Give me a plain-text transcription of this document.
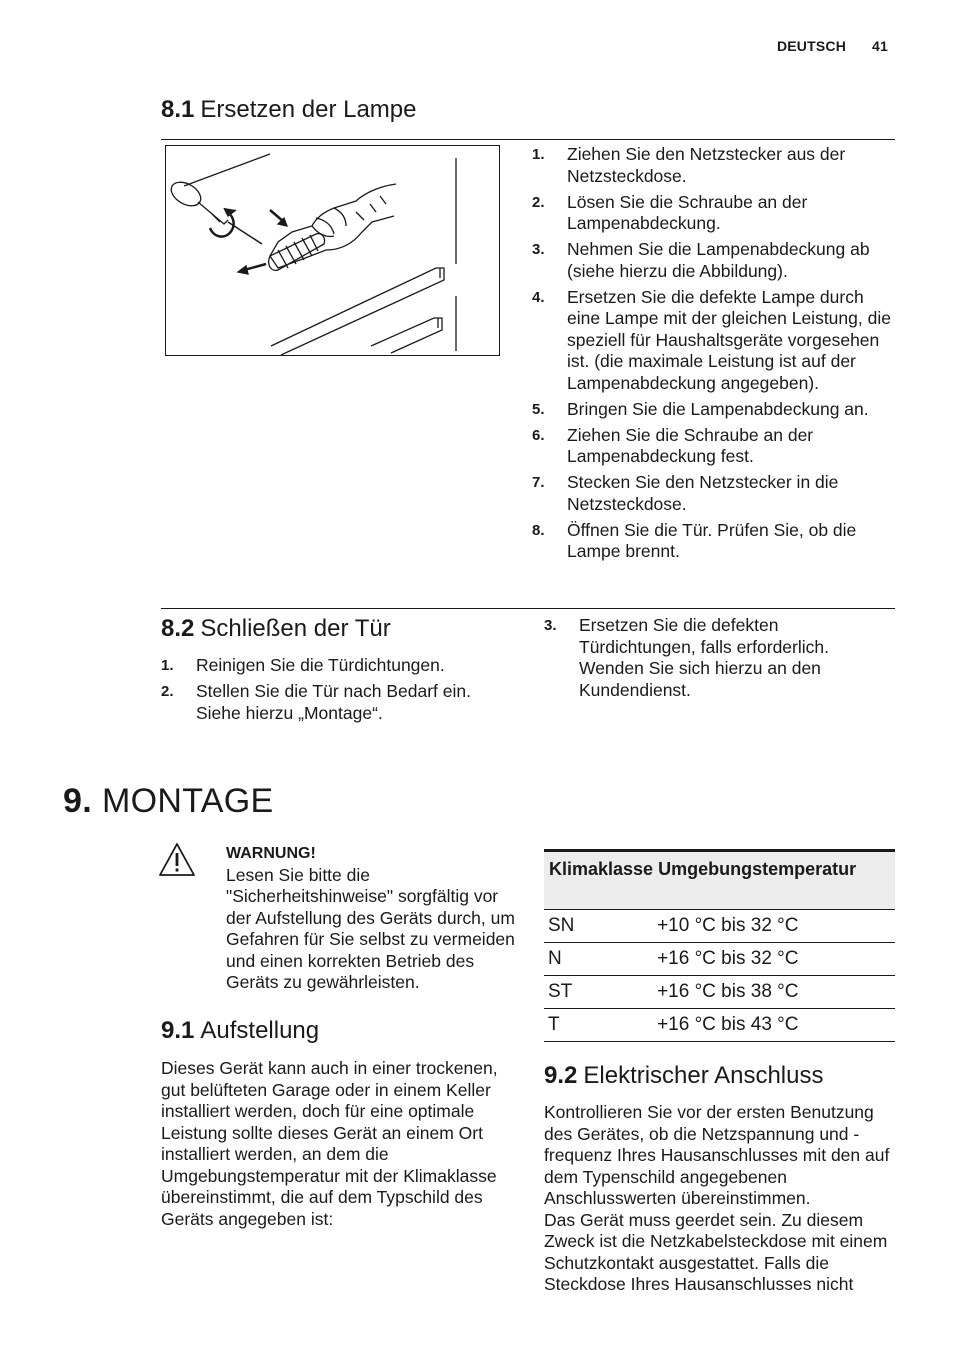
DEUTSCH 41
8.1 Ersetzen der Lampe
1. Ziehen Sie den Netzstecker aus der Netzsteckdose.
2. Lösen Sie die Schraube an der Lampenabdeckung.
3. Nehmen Sie die Lampenabdeckung ab (siehe hierzu die Abbildung).
4. Ersetzen Sie die defekte Lampe durch eine Lampe mit der gleichen Leistung, die speziell für Haushaltsgeräte vorgesehen ist. (die maximale Leistung ist auf der Lampenabdeckung angegeben).
5. Bringen Sie die Lampenabdeckung an.
6. Ziehen Sie die Schraube an der Lampenabdeckung fest.
7. Stecken Sie den Netzstecker in die Netzsteckdose.
8. Öffnen Sie die Tür. Prüfen Sie, ob die Lampe brennt.
8.2 Schließen der Tür
1. Reinigen Sie die Türdichtungen.
2. Stellen Sie die Tür nach Bedarf ein. Siehe hierzu „Montage“.
3. Ersetzen Sie die defekten Türdichtungen, falls erforderlich. Wenden Sie sich hierzu an den Kundendienst.
9. MONTAGE
WARNUNG!
Lesen Sie bitte die "Sicherheitshinweise" sorgfältig vor der Aufstellung des Geräts durch, um Gefahren für Sie selbst zu vermeiden und einen korrekten Betrieb des Geräts zu gewährleisten.
9.1 Aufstellung
Dieses Gerät kann auch in einer trockenen, gut belüfteten Garage oder in einem Keller installiert werden, doch für eine optimale Leistung sollte dieses Gerät an einem Ort installiert werden, an dem die Umgebungstemperatur mit der Klimaklasse übereinstimmt, die auf dem Typschild des Geräts angegeben ist:
Klimaklasse	Umgebungstemperatur
SN	+10 °C bis 32 °C
N	+16 °C bis 32 °C
ST	+16 °C bis 38 °C
T	+16 °C bis 43 °C
9.2 Elektrischer Anschluss
Kontrollieren Sie vor der ersten Benutzung des Gerätes, ob die Netzspannung und -frequenz Ihres Hausanschlusses mit den auf dem Typenschild angegebenen Anschlusswerten übereinstimmen.
Das Gerät muss geerdet sein. Zu diesem Zweck ist die Netzkabelsteckdose mit einem Schutzkontakt ausgestattet. Falls die Steckdose Ihres Hausanschlusses nicht
